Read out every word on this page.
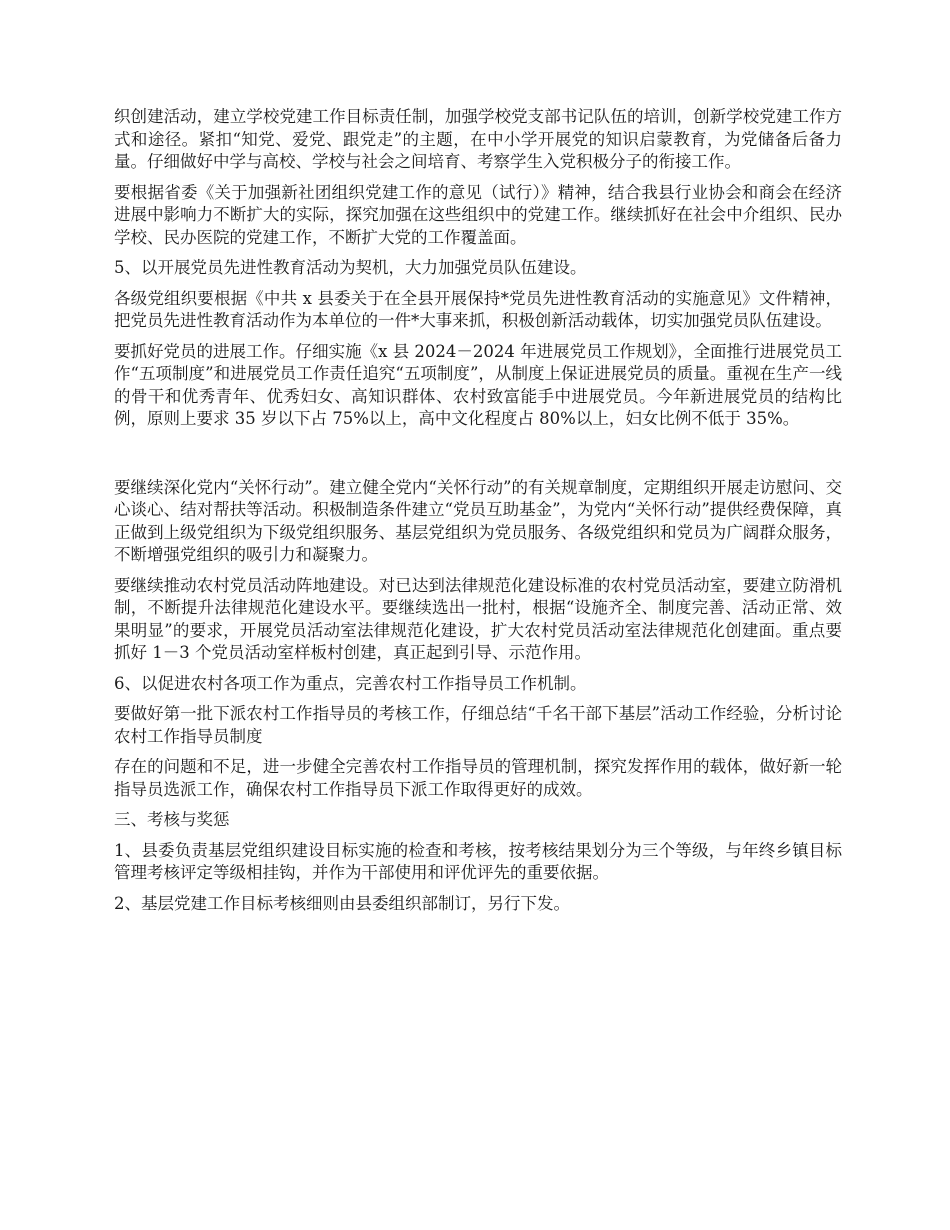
织创建活动，建立学校党建工作目标责任制，加强学校党支部书记队伍的培训，创新学校党建工作方式和途径。紧扣“知党、爱党、跟党走”的主题，在中小学开展党的知识启蒙教育，为党储备后备力量。仔细做好中学与高校、学校与社会之间培育、考察学生入党积极分子的衔接工作。

要根据省委《关于加强新社团组织党建工作的意见（试行）》精神，结合我县行业协会和商会在经济进展中影响力不断扩大的实际，探究加强在这些组织中的党建工作。继续抓好在社会中介组织、民办学校、民办医院的党建工作，不断扩大党的工作覆盖面。

5、以开展党员先进性教育活动为契机，大力加强党员队伍建设。

各级党组织要根据《中共 x 县委关于在全县开展保持*党员先进性教育活动的实施意见》文件精神，把党员先进性教育活动作为本单位的一件*大事来抓，积极创新活动载体，切实加强党员队伍建设。

要抓好党员的进展工作。仔细实施《x 县 2024－2024 年进展党员工作规划》，全面推行进展党员工作“五项制度”和进展党员工作责任追究“五项制度”，从制度上保证进展党员的质量。重视在生产一线的骨干和优秀青年、优秀妇女、高知识群体、农村致富能手中进展党员。今年新进展党员的结构比例，原则上要求 35 岁以下占 75%以上，高中文化程度占 80%以上，妇女比例不低于 35%。

要继续深化党内“关怀行动”。建立健全党内“关怀行动”的有关规章制度，定期组织开展走访慰问、交心谈心、结对帮扶等活动。积极制造条件建立“党员互助基金”，为党内“关怀行动”提供经费保障，真正做到上级党组织为下级党组织服务、基层党组织为党员服务、各级党组织和党员为广阔群众服务，不断增强党组织的吸引力和凝聚力。

要继续推动农村党员活动阵地建设。对已达到法律规范化建设标准的农村党员活动室，要建立防滑机制，不断提升法律规范化建设水平。要继续选出一批村，根据“设施齐全、制度完善、活动正常、效果明显”的要求，开展党员活动室法律规范化建设，扩大农村党员活动室法律规范化创建面。重点要抓好 1－3 个党员活动室样板村创建，真正起到引导、示范作用。

6、以促进农村各项工作为重点，完善农村工作指导员工作机制。

要做好第一批下派农村工作指导员的考核工作，仔细总结“千名干部下基层”活动工作经验，分析讨论农村工作指导员制度

存在的问题和不足，进一步健全完善农村工作指导员的管理机制，探究发挥作用的载体，做好新一轮指导员选派工作，确保农村工作指导员下派工作取得更好的成效。

三、考核与奖惩

1、县委负责基层党组织建设目标实施的检查和考核，按考核结果划分为三个等级，与年终乡镇目标管理考核评定等级相挂钩，并作为干部使用和评优评先的重要依据。

2、基层党建工作目标考核细则由县委组织部制订，另行下发。
